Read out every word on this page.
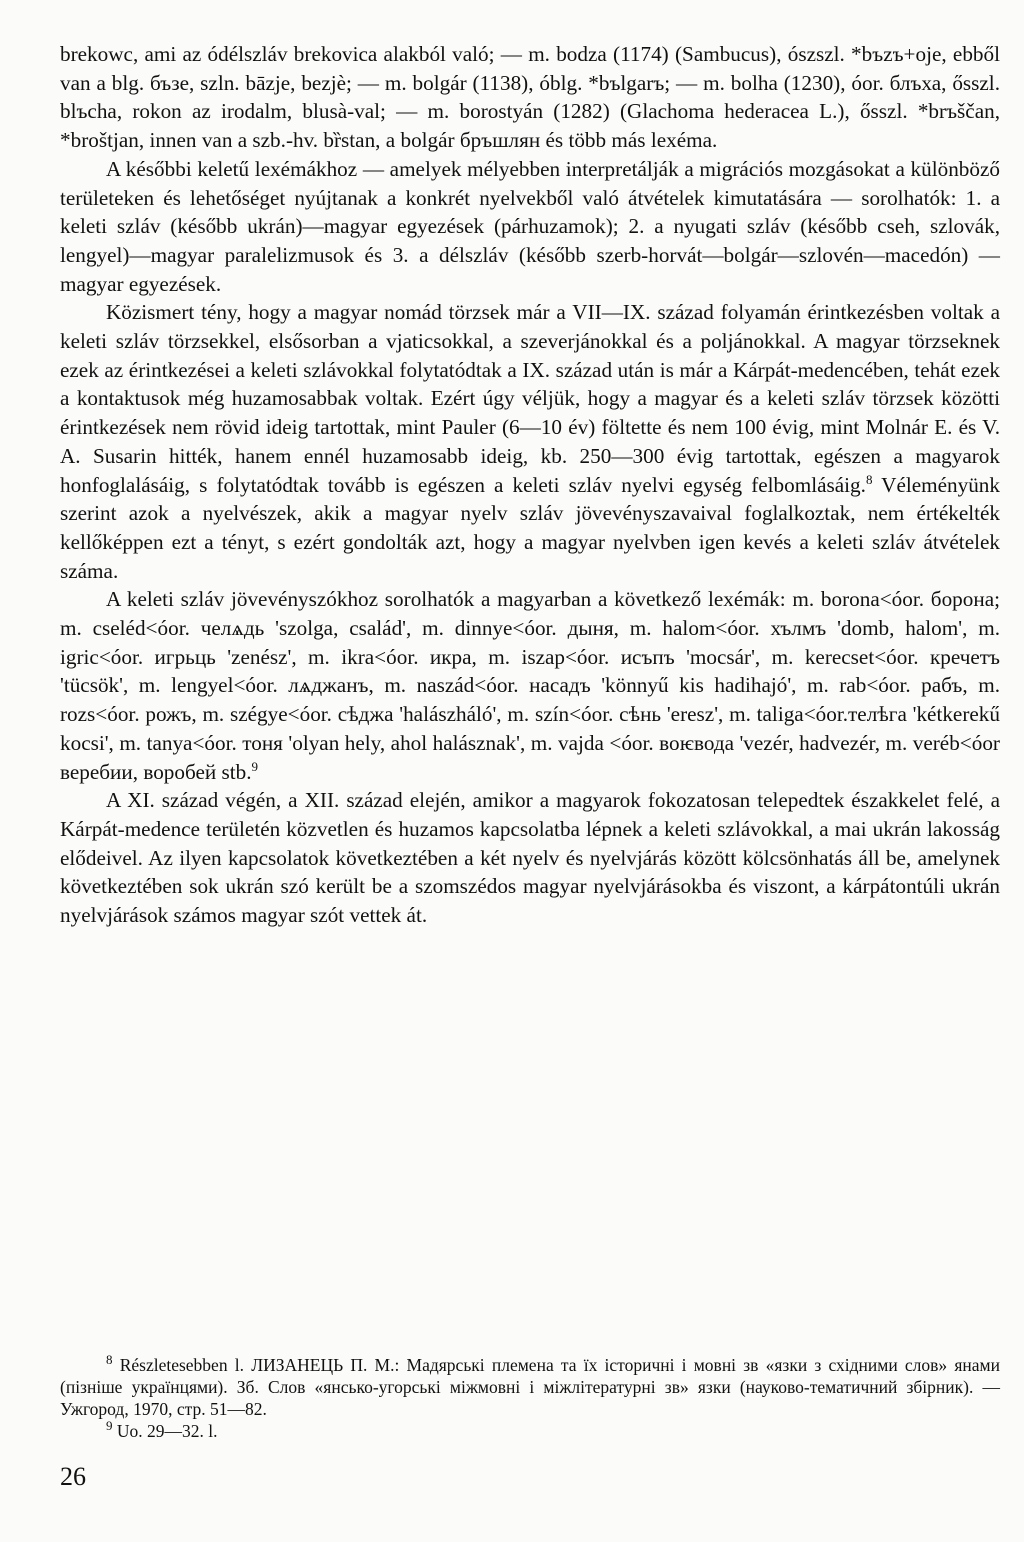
brekowc, ami az ódélszláv brekovica alakból való; — m. bodza (1174) (Sambucus), ószszl. *bъzъ+oje, ebből van a blg. бъзе, szln. bāzje, bezjè; — m. bolgár (1138), óblg. *bъlgarъ; — m. bolha (1230), óor. блъха, ősszl. blъcha, rokon az irodalm, blusà-val; — m. borostyán (1282) (Glachoma hederacea L.), ősszl. *brъščan, *broštjan, innen van a szb.-hv. bȑstan, a bolgár бръшлян és több más lexéma.

A későbbi keletű lexémákhoz — amelyek mélyebben interpretálják a migrációs mozgásokat a különböző területeken és lehetőséget nyújtanak a konkrét nyelvekből való átvételek kimutatására — sorolhatók: 1. a keleti szláv (később ukrán)—magyar egyezések (párhuzamok); 2. a nyugati szláv (később cseh, szlovák, lengyel)—magyar paralelizmusok és 3. a délszláv (később szerb-horvát—bolgár—szlovén—macedón) —magyar egyezések.

Közismert tény, hogy a magyar nomád törzsek már a VII—IX. század folyamán érintkezésben voltak a keleti szláv törzsekkel, elsősorban a vjaticsokkal, a szeverjánokkal és a poljánokkal. A magyar törzseknek ezek az érintkezései a keleti szlávokkal folytatódtak a IX. század után is már a Kárpát-medencében, tehát ezek a kontaktusok még huzamosabbak voltak. Ezért úgy véljük, hogy a magyar és a keleti szláv törzsek közötti érintkezések nem rövid ideig tartottak, mint Pauler (6—10 év) föltette és nem 100 évig, mint Molnár E. és V. A. Susarin hitték, hanem ennél huzamosabb ideig, kb. 250—300 évig tartottak, egészen a magyarok honfoglalásáig, s folytatódtak tovább is egészen a keleti szláv nyelvi egység felbomlásáig.$^8$ Véleményünk szerint azok a nyelvészek, akik a magyar nyelv szláv jövevényszavaival foglalkoztak, nem értékelték kellőképpen ezt a tényt, s ezért gondolták azt, hogy a magyar nyelvben igen kevés a keleti szláv átvételek száma.

A keleti szláv jövevényszókhoz sorolhatók a magyarban a következő lexémák: m. borona<óor. борона; m. cseléd<óor. челѧдь 'szolga, család', m. dinnye<óor. дыня, m. halom<óor. хълмъ 'domb, halom', m. igric<óor. игрьць 'zenész', m. ikra<óor. икра, m. iszap<óor. исъпъ 'mocsár', m. kerecset<óor. кречетъ 'tücsök', m. lengyel<óor. лѧджанъ, m. naszád<óor. насадъ 'könnyű kis hadihajó', m. rab<óor. рабъ, m. rozs<óor. рожъ, m. szégye<óor. сѣджа 'halászháló', m. szín<óor. сѣнь 'eresz', m. taliga<óor.телѣга 'kétkerekű kocsi', m. tanya<óor. тоня 'olyan hely, ahol halásznak', m. vajda <óor. воѥвода 'vezér, hadvezér, m. veréb<óor веребии, воробей stb.$^9$

A XI. század végén, a XII. század elején, amikor a magyarok fokozatosan telepedtek északkelet felé, a Kárpát-medence területén közvetlen és huzamos kapcsolatba lépnek a keleti szlávokkal, a mai ukrán lakosság elődeivel. Az ilyen kapcsolatok következtében a két nyelv és nyelvjárás között kölcsönhatás áll be, amelynek következtében sok ukrán szó került be a szomszédos magyar nyelvjárásokba és viszont, a kárpátontúli ukrán nyelvjárások számos magyar szót vettek át.

$^8$ Részletesebben l. ЛИЗАНЕЦЬ П. М.: Мадярські племена та їх історичні і мовні зв «язки з східними слов» янами (пізніше українцями). Зб. Слов «янсько-угорські міжмовні і міжлітературні зв» язки (науково-тематичний збірник). — Ужгород, 1970, стр. 51—82.

$^9$ Uo. 29—32. l.

26
